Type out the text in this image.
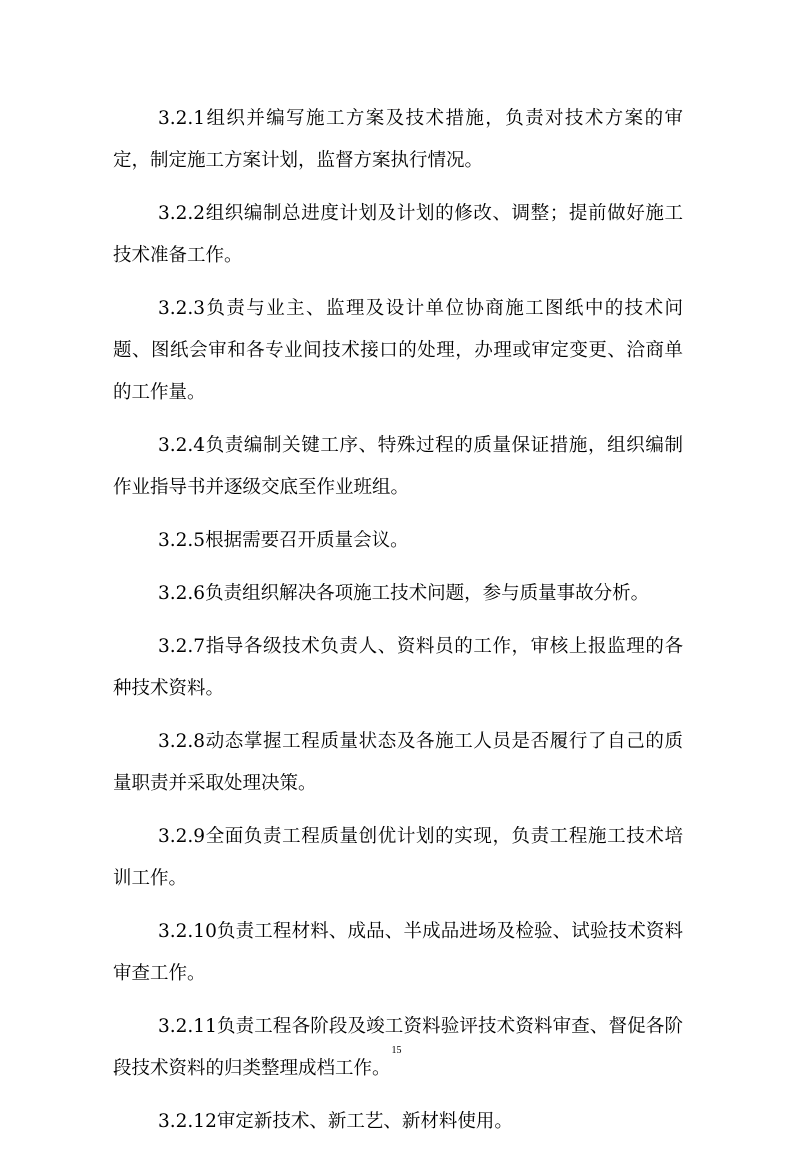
3.2.1组织并编写施工方案及技术措施，负责对技术方案的审定，制定施工方案计划，监督方案执行情况。

3.2.2组织编制总进度计划及计划的修改、调整；提前做好施工技术准备工作。

3.2.3负责与业主、监理及设计单位协商施工图纸中的技术问题、图纸会审和各专业间技术接口的处理，办理或审定变更、洽商单的工作量。

3.2.4负责编制关键工序、特殊过程的质量保证措施，组织编制作业指导书并逐级交底至作业班组。

3.2.5根据需要召开质量会议。

3.2.6负责组织解决各项施工技术问题，参与质量事故分析。

3.2.7指导各级技术负责人、资料员的工作，审核上报监理的各种技术资料。

3.2.8动态掌握工程质量状态及各施工人员是否履行了自己的质量职责并采取处理决策。

3.2.9全面负责工程质量创优计划的实现，负责工程施工技术培训工作。

3.2.10负责工程材料、成品、半成品进场及检验、试验技术资料审查工作。

3.2.11负责工程各阶段及竣工资料验评技术资料审查、督促各阶段技术资料的归类整理成档工作。

3.2.12审定新技术、新工艺、新材料使用。

15
